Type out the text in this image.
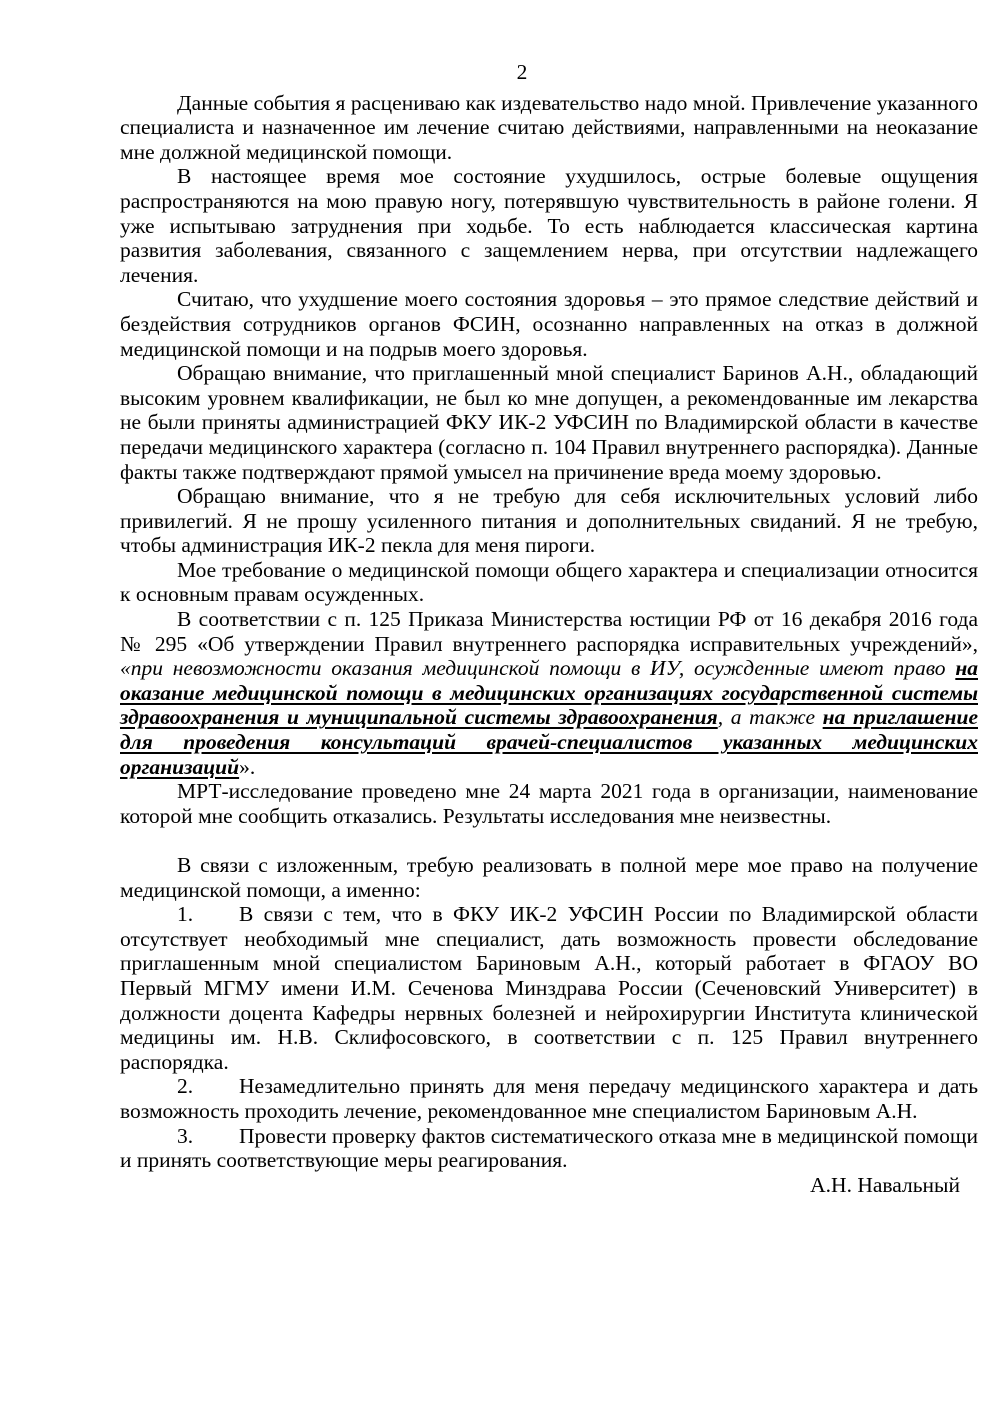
2

Данные события я расцениваю как издевательство надо мной. Привлечение указанного специалиста и назначенное им лечение считаю действиями, направленными на неоказание мне должной медицинской помощи.

В настоящее время мое состояние ухудшилось, острые болевые ощущения распространяются на мою правую ногу, потерявшую чувствительность в районе голени. Я уже испытываю затруднения при ходьбе. То есть наблюдается классическая картина развития заболевания, связанного с защемлением нерва, при отсутствии надлежащего лечения.

Считаю, что ухудшение моего состояния здоровья – это прямое следствие действий и бездействия сотрудников органов ФСИН, осознанно направленных на отказ в должной медицинской помощи и на подрыв моего здоровья.

Обращаю внимание, что приглашенный мной специалист Баринов А.Н., обладающий высоким уровнем квалификации, не был ко мне допущен, а рекомендованные им лекарства не были приняты администрацией ФКУ ИК-2 УФСИН по Владимирской области в качестве передачи медицинского характера (согласно п. 104 Правил внутреннего распорядка). Данные факты также подтверждают прямой умысел на причинение вреда моему здоровью.

Обращаю внимание, что я не требую для себя исключительных условий либо привилегий. Я не прошу усиленного питания и дополнительных свиданий. Я не требую, чтобы администрация ИК-2 пекла для меня пироги.

Мое требование о медицинской помощи общего характера и специализации относится к основным правам осужденных.

В соответствии с п. 125 Приказа Министерства юстиции РФ от 16 декабря 2016 года № 295 «Об утверждении Правил внутреннего распорядка исправительных учреждений», «при невозможности оказания медицинской помощи в ИУ, осужденные имеют право на оказание медицинской помощи в медицинских организациях государственной системы здравоохранения и муниципальной системы здравоохранения, а также на приглашение для проведения консультаций врачей-специалистов указанных медицинских организаций».

МРТ-исследование проведено мне 24 марта 2021 года в организации, наименование которой мне сообщить отказались. Результаты исследования мне неизвестны.

В связи с изложенным, требую реализовать в полной мере мое право на получение медицинской помощи, а именно:

1. В связи с тем, что в ФКУ ИК-2 УФСИН России по Владимирской области отсутствует необходимый мне специалист, дать возможность провести обследование приглашенным мной специалистом Бариновым А.Н., который работает в ФГАОУ ВО Первый МГМУ имени И.М. Сеченова Минздрава России (Сеченовский Университет) в должности доцента Кафедры нервных болезней и нейрохирургии Института клинической медицины им. Н.В. Склифосовского, в соответствии с п. 125 Правил внутреннего распорядка.

2. Незамедлительно принять для меня передачу медицинского характера и дать возможность проходить лечение, рекомендованное мне специалистом Бариновым А.Н.

3. Провести проверку фактов систематического отказа мне в медицинской помощи и принять соответствующие меры реагирования.

А.Н. Навальный
